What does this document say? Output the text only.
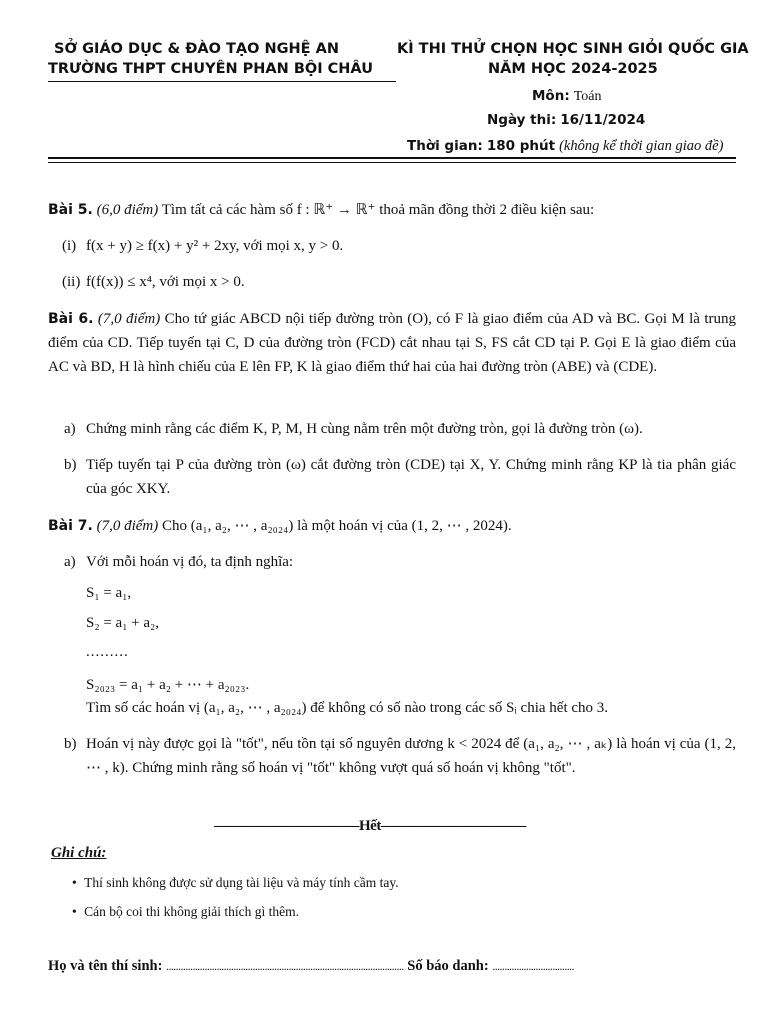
SỞ GIÁO DỤC & ĐÀO TẠO NGHỆ AN
TRƯỜNG THPT CHUYÊN PHAN BỘI CHÂU
KÌ THI THỬ CHỌN HỌC SINH GIỎI QUỐC GIA
NĂM HỌC 2024-2025
Môn: Toán
Ngày thi: 16/11/2024
Thời gian: 180 phút (không kể thời gian giao đề)
Bài 5. (6,0 điểm) Tìm tất cả các hàm số f : ℝ⁺ → ℝ⁺ thoả mãn đồng thời 2 điều kiện sau:
(i) f(x + y) ≥ f(x) + y² + 2xy, với mọi x, y > 0.
(ii) f(f(x)) ≤ x⁴, với mọi x > 0.
Bài 6. (7,0 điểm) Cho tứ giác ABCD nội tiếp đường tròn (O), có F là giao điểm của AD và BC. Gọi M là trung điểm của CD. Tiếp tuyến tại C, D của đường tròn (FCD) cắt nhau tại S, FS cắt CD tại P. Gọi E là giao điểm của AC và BD, H là hình chiếu của E lên FP, K là giao điểm thứ hai của hai đường tròn (ABE) và (CDE).
a) Chứng minh rằng các điểm K, P, M, H cùng nằm trên một đường tròn, gọi là đường tròn (ω).
b) Tiếp tuyến tại P của đường tròn (ω) cắt đường tròn (CDE) tại X, Y. Chứng minh rằng KP là tia phân giác của góc XKY.
Bài 7. (7,0 điểm) Cho (a₁, a₂, ⋯ , a₂₀₂₄) là một hoán vị của (1, 2, ⋯ , 2024).
a) Với mỗi hoán vị đó, ta định nghĩa:
S₁ = a₁,
S₂ = a₁ + a₂,
.........
S₂₀₂₃ = a₁ + a₂ + ⋯ + a₂₀₂₃.
Tìm số các hoán vị (a₁, a₂, ⋯ , a₂₀₂₄) để không có số nào trong các số Sᵢ chia hết cho 3.
b) Hoán vị này được gọi là "tốt", nếu tồn tại số nguyên dương k < 2024 để (a₁, a₂, ⋯ , aₖ) là hoán vị của (1, 2, ⋯ , k). Chứng minh rằng số hoán vị "tốt" không vượt quá số hoán vị không "tốt".
——————————Hết——————————
Ghi chú:
• Thí sinh không được sử dụng tài liệu và máy tính cầm tay.
• Cán bộ coi thi không giải thích gì thêm.
Họ và tên thí sinh: ................................................................................................... Số báo danh: ..................................
